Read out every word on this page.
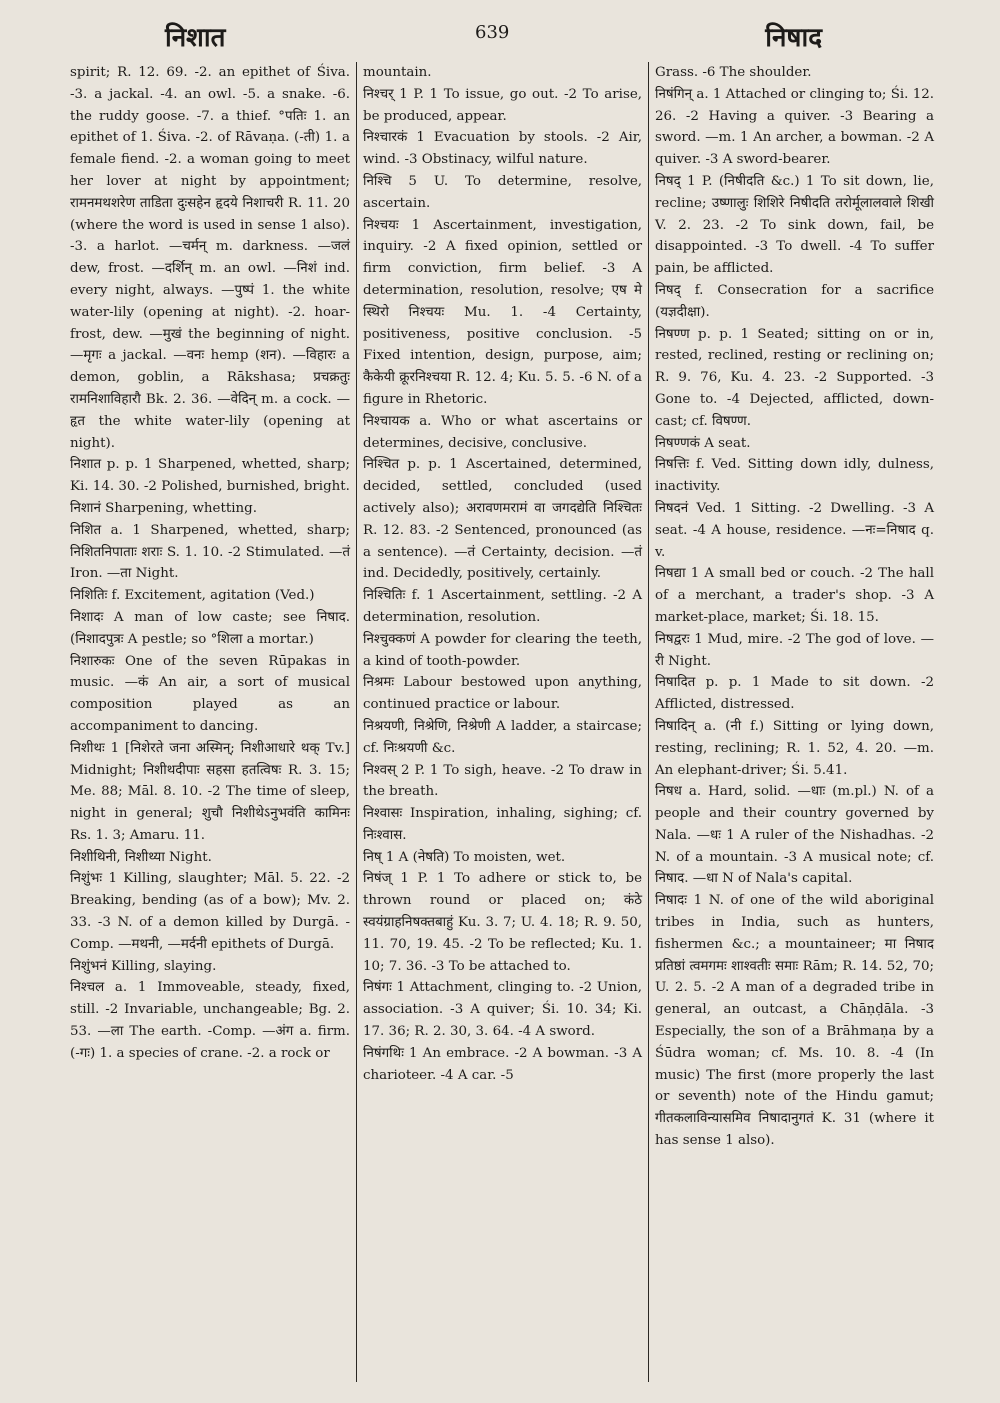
निशात	639	निषाद

spirit; R. 12. 69. -2. an epithet of Śiva. -3. a jackal. -4. an owl. -5. a snake. -6. the ruddy goose. -7. a thief. °पतिः 1. an epithet of 1. Śiva. -2. of Rāvaṇa. (-ती) 1. a female fiend. -2. a woman going to meet her lover at night by appointment; रामनमथशरेण ताडिता दुःसहेन हृदये निशाचरी R. 11. 20 (where the word is used in sense 1 also). -3. a harlot. —चर्मन् m. darkness. —जलं dew, frost. —दर्शिन् m. an owl. —निशं ind. every night, always. —पुष्पं 1. the white water-lily (opening at night). -2. hoar-frost, dew. —मुखं the beginning of night. —मृगः a jackal. —वनः hemp (शन). —विहारः a demon, goblin, a Rākshasa; प्रचक्रतुः रामनिशाविहारौ Bk. 2. 36. —वेदिन् m. a cock. —हृत the white water-lily (opening at night).

निशात p. p. 1 Sharpened, whetted, sharp; Ki. 14. 30. -2 Polished, burnished, bright.

निशानं Sharpening, whetting.

निशित a. 1 Sharpened, whetted, sharp; निशितनिपाताः शराः S. 1. 10. -2 Stimulated. —तं Iron. —ता Night.

निशितिः f. Excitement, agitation (Ved.)

निशादः A man of low caste; see निषाद. (निशादपुत्रः A pestle; so °शिला a mortar.)

निशारुकः One of the seven Rūpakas in music. —कं An air, a sort of musical composition played as an accompaniment to dancing.

निशीथः 1 [निशेरते जना अस्मिन्; निशीआधारे थक् Tv.] Midnight; निशीथदीपाः सहसा हतत्विषः R. 3. 15; Me. 88; Māl. 8. 10. -2 The time of sleep, night in general; शुचौ निशीथेऽनुभवंति कामिनः Rs. 1. 3; Amaru. 11.

निशीथिनी, निशीथ्या Night.

निशुंभः 1 Killing, slaughter; Māl. 5. 22. -2 Breaking, bending (as of a bow); Mv. 2. 33. -3 N. of a demon killed by Durgā. -Comp. —मथनी, —मर्दनी epithets of Durgā.

निशुंभनं Killing, slaying.

निश्चल a. 1 Immoveable, steady, fixed, still. -2 Invariable, unchangeable; Bg. 2. 53. —ला The earth. -Comp. —अंग a. firm. (-गः) 1. a species of crane. -2. a rock or

mountain.

निश्चर् 1 P. 1 To issue, go out. -2 To arise, be produced, appear.

निश्चारकं 1 Evacuation by stools. -2 Air, wind. -3 Obstinacy, wilful nature.

निश्चि 5 U. To determine, resolve, ascertain.

निश्चयः 1 Ascertainment, investigation, inquiry. -2 A fixed opinion, settled or firm conviction, firm belief. -3 A determination, resolution, resolve; एष मे स्थिरो निश्चयः Mu. 1. -4 Certainty, positiveness, positive conclusion. -5 Fixed intention, design, purpose, aim; कैकेयी क्रूरनिश्चया R. 12. 4; Ku. 5. 5. -6 N. of a figure in Rhetoric.

निश्चायक a. Who or what ascertains or determines, decisive, conclusive.

निश्चित p. p. 1 Ascertained, determined, decided, settled, concluded (used actively also); अरावणमरामं वा जगदद्येति निश्चितः R. 12. 83. -2 Sentenced, pronounced (as a sentence). —तं Certainty, decision. —तं ind. Decidedly, positively, certainly.

निश्चितिः f. 1 Ascertainment, settling. -2 A determination, resolution.

निश्चुक्कणं A powder for clearing the teeth, a kind of tooth-powder.

निश्रमः Labour bestowed upon anything, continued practice or labour.

निश्रयणी, निश्रेणि, निश्रेणी A ladder, a staircase; cf. निःश्रयणी &c.

निश्वस् 2 P. 1 To sigh, heave. -2 To draw in the breath.

निश्वासः Inspiration, inhaling, sighing; cf. निःश्वास.

निष् 1 A (नेषति) To moisten, wet.

निषंज् 1 P. 1 To adhere or stick to, be thrown round or placed on; कंठे स्वयंग्राहनिषक्तबाहुं Ku. 3. 7; U. 4. 18; R. 9. 50, 11. 70, 19. 45. -2 To be reflected; Ku. 1. 10; 7. 36. -3 To be attached to.

निषंगः 1 Attachment, clinging to. -2 Union, association. -3 A quiver; Śi. 10. 34; Ki. 17. 36; R. 2. 30, 3. 64. -4 A sword.

निषंगथिः 1 An embrace. -2 A bowman. -3 A charioteer. -4 A car. -5

Grass. -6 The shoulder.

निषंगिन् a. 1 Attached or clinging to; Śi. 12. 26. -2 Having a quiver. -3 Bearing a sword. —m. 1 An archer, a bowman. -2 A quiver. -3 A sword-bearer.

निषद् 1 P. (निषीदति &c.) 1 To sit down, lie, recline; उष्णालुः शिशिरे निषीदति तरोर्मूलालवाले शिखी V. 2. 23. -2 To sink down, fail, be disappointed. -3 To dwell. -4 To suffer pain, be afflicted.

निषद् f. Consecration for a sacrifice (यज्ञदीक्षा).

निषण्ण p. p. 1 Seated; sitting on or in, rested, reclined, resting or reclining on; R. 9. 76, Ku. 4. 23. -2 Supported. -3 Gone to. -4 Dejected, afflicted, down-cast; cf. विषण्ण.

निषण्णकं A seat.

निषत्तिः f. Ved. Sitting down idly, dulness, inactivity.

निषदनं Ved. 1 Sitting. -2 Dwelling. -3 A seat. -4 A house, residence. —नः=निषाद q. v.

निषद्या 1 A small bed or couch. -2 The hall of a merchant, a trader's shop. -3 A market-place, market; Śi. 18. 15.

निषद्वरः 1 Mud, mire. -2 The god of love. —री Night.

निषादित p. p. 1 Made to sit down. -2 Afflicted, distressed.

निषादिन् a. (नी f.) Sitting or lying down, resting, reclining; R. 1. 52, 4. 20. —m. An elephant-driver; Śi. 5.41.

निषध a. Hard, solid. —धाः (m.pl.) N. of a people and their country governed by Nala. —धः 1 A ruler of the Nishadhas. -2 N. of a mountain. -3 A musical note; cf. निषाद. —धा N of Nala's capital.

निषादः 1 N. of one of the wild aboriginal tribes in India, such as hunters, fishermen &c.; a mountaineer; मा निषाद प्रतिष्ठां त्वमगमः शाश्वतीः समाः Rām; R. 14. 52, 70; U. 2. 5. -2 A man of a degraded tribe in general, an outcast, a Chāṇḍāla. -3 Especially, the son of a Brāhmaṇa by a Śūdra woman; cf. Ms. 10. 8. -4 (In music) The first (more properly the last or seventh) note of the Hindu gamut; गीतकलाविन्यासमिव निषादानुगतं K. 31 (where it has sense 1 also).
